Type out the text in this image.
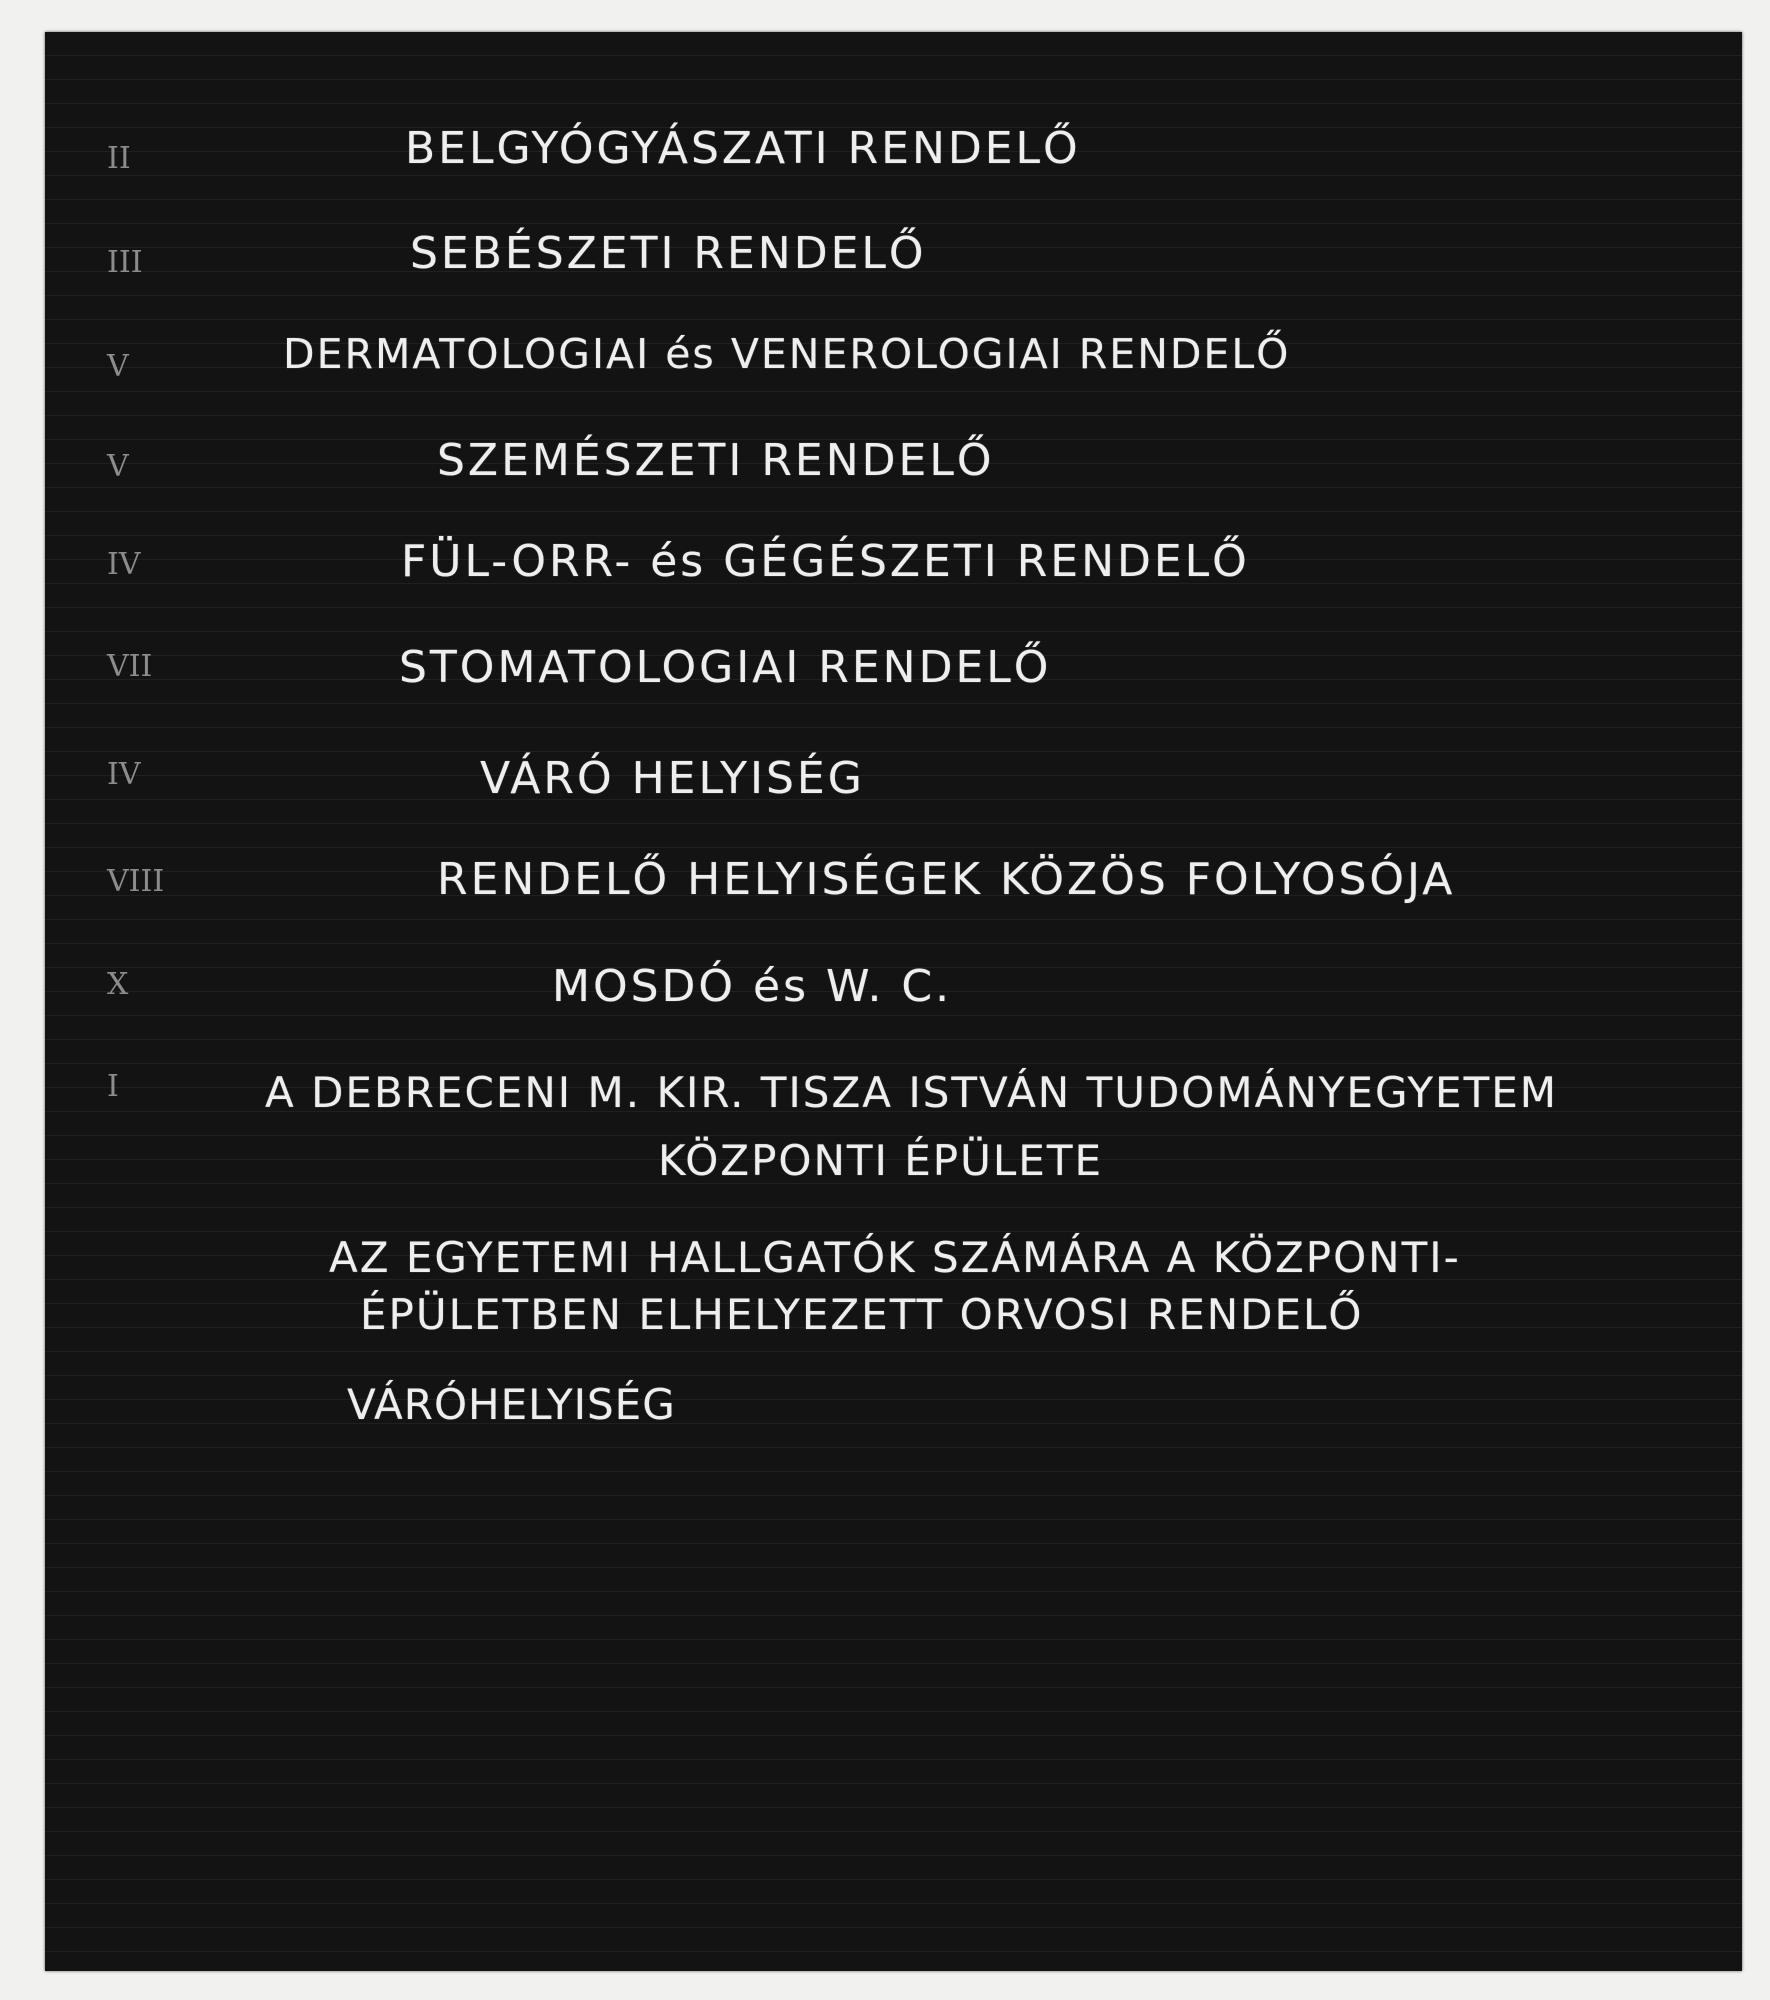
II
III
V
V
IV
VII
IV
VIII
X
I

BELGYÓGYÁSZATI RENDELŐ

SEBÉSZETI RENDELŐ

DERMATOLOGIAI és VENEROLOGIAI RENDELŐ

SZEMÉSZETI RENDELŐ

FÜL-ORR- és GÉGÉSZETI RENDELŐ

STOMATOLOGIAI RENDELŐ

VÁRÓ HELYISÉG

RENDELŐ HELYISÉGEK KÖZÖS FOLYOSÓJA

MOSDÓ és W. C.

A DEBRECENI M. KIR. TISZA ISTVÁN TUDOMÁNYEGYETEM

KÖZPONTI ÉPÜLETE

AZ EGYETEMI HALLGATÓK SZÁMÁRA A KÖZPONTI-

ÉPÜLETBEN ELHELYEZETT ORVOSI RENDELŐ

VÁRÓHELYISÉG
